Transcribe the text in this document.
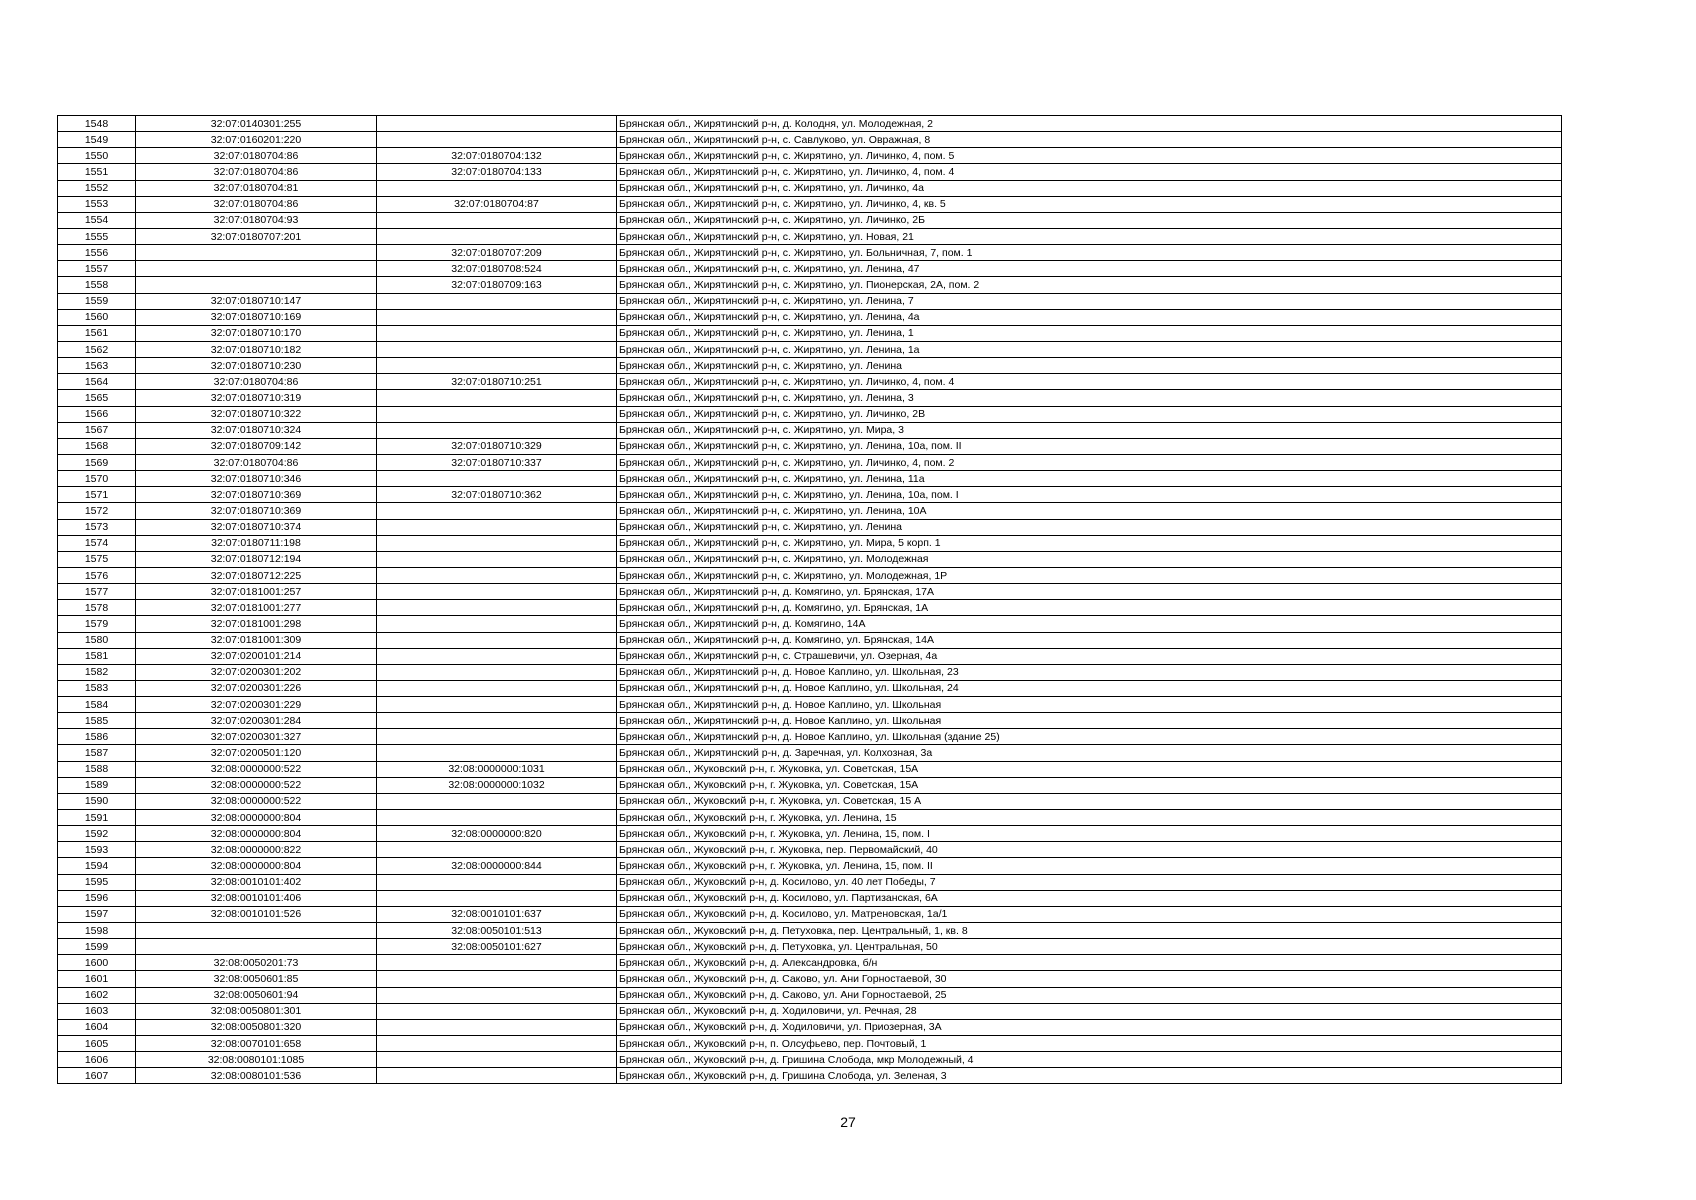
1548	32:07:0140301:255		Брянская обл., Жирятинский р-н, д. Колодня, ул. Молодежная, 2
1549	32:07:0160201:220		Брянская обл., Жирятинский р-н, с. Савлуково, ул. Овражная, 8
1550	32:07:0180704:86	32:07:0180704:132	Брянская обл., Жирятинский р-н, с. Жирятино, ул. Личинко, 4, пом. 5
1551	32:07:0180704:86	32:07:0180704:133	Брянская обл., Жирятинский р-н, с. Жирятино, ул. Личинко, 4, пом. 4
1552	32:07:0180704:81		Брянская обл., Жирятинский р-н, с. Жирятино, ул. Личинко, 4а
1553	32:07:0180704:86	32:07:0180704:87	Брянская обл., Жирятинский р-н, с. Жирятино, ул. Личинко, 4, кв. 5
1554	32:07:0180704:93		Брянская обл., Жирятинский р-н, с. Жирятино, ул. Личинко, 2Б
1555	32:07:0180707:201		Брянская обл., Жирятинский р-н, с. Жирятино, ул. Новая, 21
1556		32:07:0180707:209	Брянская обл., Жирятинский р-н, с. Жирятино, ул. Больничная, 7, пом. 1
1557		32:07:0180708:524	Брянская обл., Жирятинский р-н, с. Жирятино, ул. Ленина, 47
1558		32:07:0180709:163	Брянская обл., Жирятинский р-н, с. Жирятино, ул. Пионерская, 2А, пом. 2
1559	32:07:0180710:147		Брянская обл., Жирятинский р-н, с. Жирятино, ул. Ленина, 7
1560	32:07:0180710:169		Брянская обл., Жирятинский р-н, с. Жирятино, ул. Ленина, 4а
1561	32:07:0180710:170		Брянская обл., Жирятинский р-н, с. Жирятино, ул. Ленина, 1
1562	32:07:0180710:182		Брянская обл., Жирятинский р-н, с. Жирятино, ул. Ленина, 1а
1563	32:07:0180710:230		Брянская обл., Жирятинский р-н, с. Жирятино, ул. Ленина
1564	32:07:0180704:86	32:07:0180710:251	Брянская обл., Жирятинский р-н, с. Жирятино, ул. Личинко, 4, пом. 4
1565	32:07:0180710:319		Брянская обл., Жирятинский р-н, с. Жирятино, ул. Ленина, 3
1566	32:07:0180710:322		Брянская обл., Жирятинский р-н, с. Жирятино, ул. Личинко, 2В
1567	32:07:0180710:324		Брянская обл., Жирятинский р-н, с. Жирятино, ул. Мира, 3
1568	32:07:0180709:142	32:07:0180710:329	Брянская обл., Жирятинский р-н, с. Жирятино, ул. Ленина, 10а, пом. II
1569	32:07:0180704:86	32:07:0180710:337	Брянская обл., Жирятинский р-н, с. Жирятино, ул. Личинко, 4, пом. 2
1570	32:07:0180710:346		Брянская обл., Жирятинский р-н, с. Жирятино, ул. Ленина, 11а
1571	32:07:0180710:369	32:07:0180710:362	Брянская обл., Жирятинский р-н, с. Жирятино, ул. Ленина, 10а, пом. I
1572	32:07:0180710:369		Брянская обл., Жирятинский р-н, с. Жирятино, ул. Ленина, 10А
1573	32:07:0180710:374		Брянская обл., Жирятинский р-н, с. Жирятино, ул. Ленина
1574	32:07:0180711:198		Брянская обл., Жирятинский р-н, с. Жирятино, ул. Мира, 5 корп. 1
1575	32:07:0180712:194		Брянская обл., Жирятинский р-н, с. Жирятино, ул. Молодежная
1576	32:07:0180712:225		Брянская обл., Жирятинский р-н, с. Жирятино, ул. Молодежная, 1Р
1577	32:07:0181001:257		Брянская обл., Жирятинский р-н, д. Комягино, ул. Брянская, 17А
1578	32:07:0181001:277		Брянская обл., Жирятинский р-н, д. Комягино, ул. Брянская, 1А
1579	32:07:0181001:298		Брянская обл., Жирятинский р-н, д. Комягино, 14А
1580	32:07:0181001:309		Брянская обл., Жирятинский р-н, д. Комягино, ул. Брянская, 14А
1581	32:07:0200101:214		Брянская обл., Жирятинский р-н, с. Страшевичи, ул. Озерная, 4а
1582	32:07:0200301:202		Брянская обл., Жирятинский р-н, д. Новое Каплино, ул. Школьная, 23
1583	32:07:0200301:226		Брянская обл., Жирятинский р-н, д. Новое Каплино, ул. Школьная, 24
1584	32:07:0200301:229		Брянская обл., Жирятинский р-н, д. Новое Каплино, ул. Школьная
1585	32:07:0200301:284		Брянская обл., Жирятинский р-н, д. Новое Каплино, ул. Школьная
1586	32:07:0200301:327		Брянская обл., Жирятинский р-н, д. Новое Каплино, ул. Школьная (здание 25)
1587	32:07:0200501:120		Брянская обл., Жирятинский р-н, д. Заречная, ул. Колхозная, 3а
1588	32:08:0000000:522	32:08:0000000:1031	Брянская обл., Жуковский р-н, г. Жуковка, ул. Советская, 15А
1589	32:08:0000000:522	32:08:0000000:1032	Брянская обл., Жуковский р-н, г. Жуковка, ул. Советская, 15А
1590	32:08:0000000:522		Брянская обл., Жуковский р-н, г. Жуковка, ул. Советская, 15 А
1591	32:08:0000000:804		Брянская обл., Жуковский р-н, г. Жуковка, ул. Ленина, 15
1592	32:08:0000000:804	32:08:0000000:820	Брянская обл., Жуковский р-н, г. Жуковка, ул. Ленина, 15, пом. I
1593	32:08:0000000:822		Брянская обл., Жуковский р-н, г. Жуковка, пер. Первомайский, 40
1594	32:08:0000000:804	32:08:0000000:844	Брянская обл., Жуковский р-н, г. Жуковка, ул. Ленина, 15, пом. II
1595	32:08:0010101:402		Брянская обл., Жуковский р-н, д. Косилово, ул. 40 лет Победы, 7
1596	32:08:0010101:406		Брянская обл., Жуковский р-н, д. Косилово, ул. Партизанская, 6А
1597	32:08:0010101:526	32:08:0010101:637	Брянская обл., Жуковский р-н, д. Косилово, ул. Матреновская, 1а/1
1598		32:08:0050101:513	Брянская обл., Жуковский р-н, д. Петуховка, пер. Центральный, 1, кв. 8
1599		32:08:0050101:627	Брянская обл., Жуковский р-н, д. Петуховка, ул. Центральная, 50
1600	32:08:0050201:73		Брянская обл., Жуковский р-н, д. Александровка, б/н
1601	32:08:0050601:85		Брянская обл., Жуковский р-н, д. Саково, ул. Ани Горностаевой, 30
1602	32:08:0050601:94		Брянская обл., Жуковский р-н, д. Саково, ул. Ани Горностаевой, 25
1603	32:08:0050801:301		Брянская обл., Жуковский р-н, д. Ходиловичи, ул. Речная, 28
1604	32:08:0050801:320		Брянская обл., Жуковский р-н, д. Ходиловичи, ул. Приозерная, 3А
1605	32:08:0070101:658		Брянская обл., Жуковский р-н, п. Олсуфьево, пер. Почтовый, 1
1606	32:08:0080101:1085		Брянская обл., Жуковский р-н, д. Гришина Слобода, мкр Молодежный, 4
1607	32:08:0080101:536		Брянская обл., Жуковский р-н, д. Гришина Слобода, ул. Зеленая, 3
27
